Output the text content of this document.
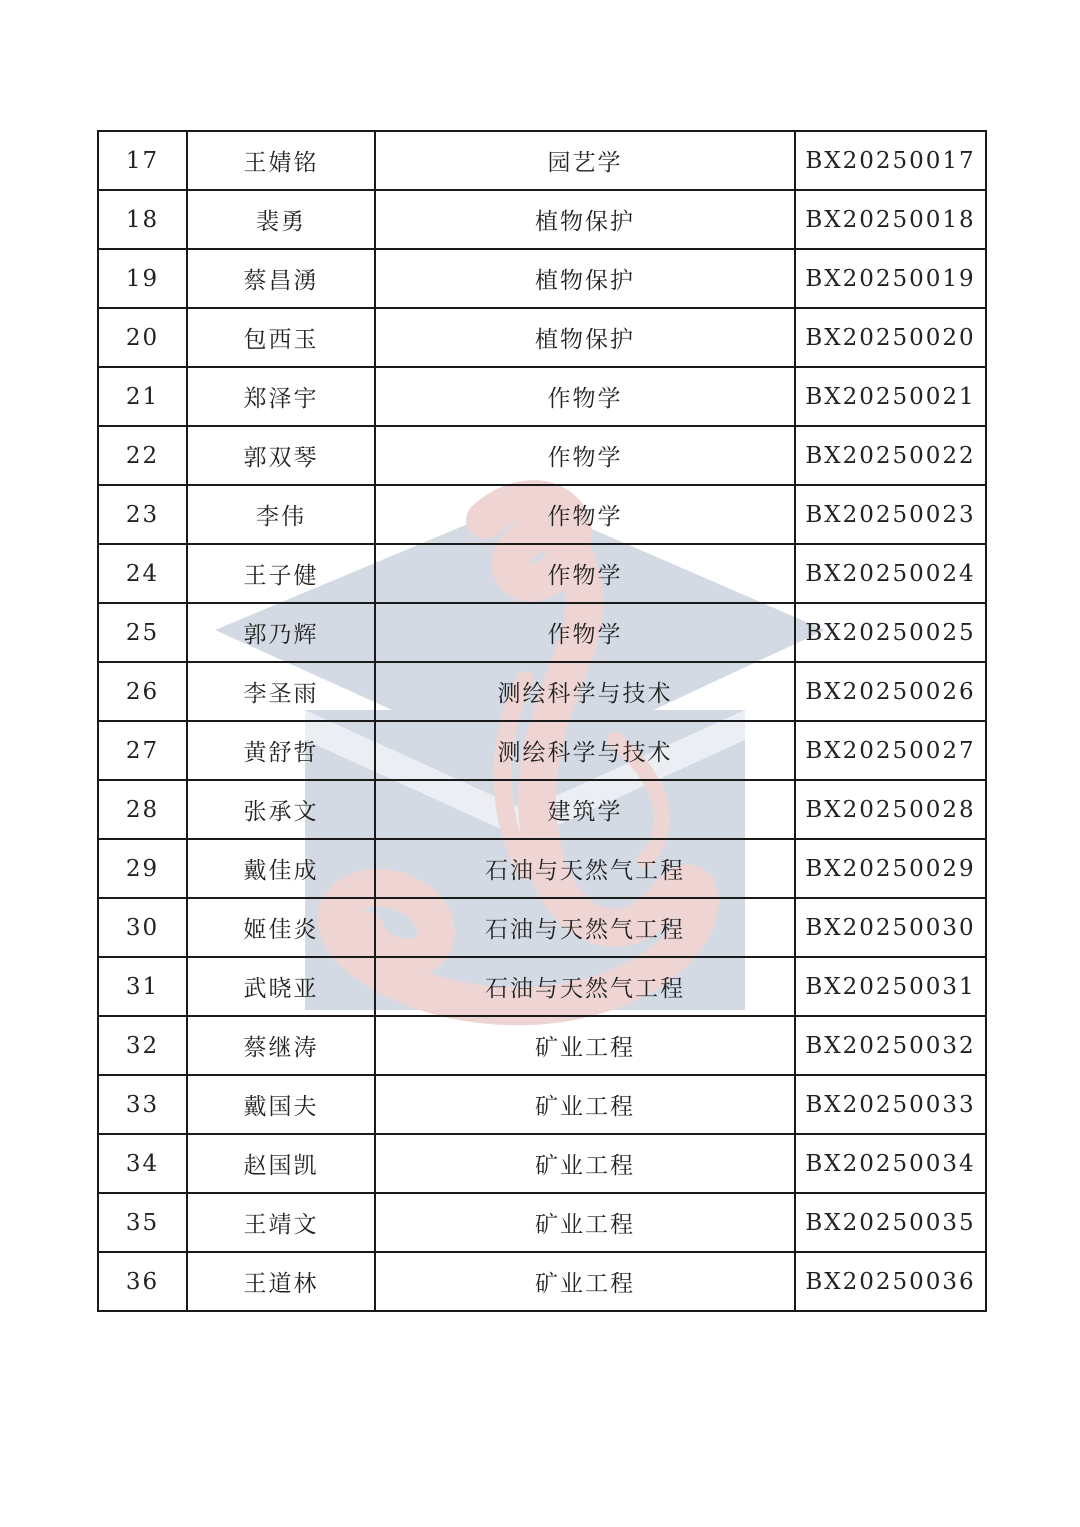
17	王婧铭	园艺学	BX20250017
18	裴勇	植物保护	BX20250018
19	蔡昌湧	植物保护	BX20250019
20	包西玉	植物保护	BX20250020
21	郑泽宇	作物学	BX20250021
22	郭双琴	作物学	BX20250022
23	李伟	作物学	BX20250023
24	王子健	作物学	BX20250024
25	郭乃辉	作物学	BX20250025
26	李圣雨	测绘科学与技术	BX20250026
27	黄舒哲	测绘科学与技术	BX20250027
28	张承文	建筑学	BX20250028
29	戴佳成	石油与天然气工程	BX20250029
30	姬佳炎	石油与天然气工程	BX20250030
31	武晓亚	石油与天然气工程	BX20250031
32	蔡继涛	矿业工程	BX20250032
33	戴国夫	矿业工程	BX20250033
34	赵国凯	矿业工程	BX20250034
35	王靖文	矿业工程	BX20250035
36	王道林	矿业工程	BX20250036
